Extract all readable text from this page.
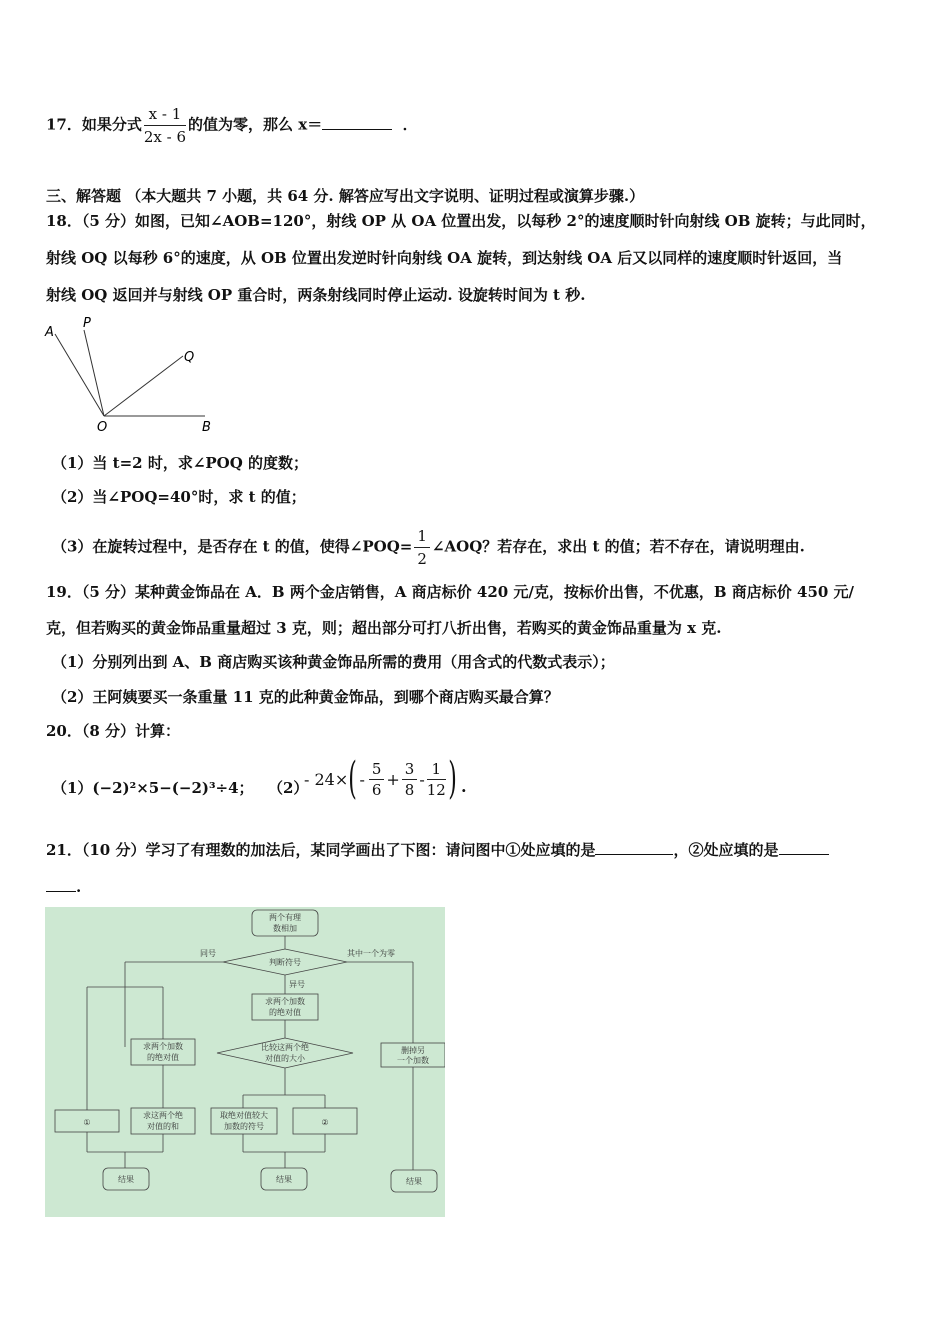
17．如果分式 $\frac{x - 1}{2x - 6}$ 的值为零，那么 x＝	．
三、解答题 （本大题共 7 小题，共 64 分. 解答应写出文字说明、证明过程或演算步骤.）
18．（5 分）如图，已知∠AOB=120°，射线 OP 从 OA 位置出发，以每秒 2°的速度顺时针向射线 OB 旋转；与此同时，
射线 OQ 以每秒 6°的速度，从 OB 位置出发逆时针向射线 OA 旋转，到达射线 OA 后又以同样的速度顺时针返回，当
射线 OQ 返回并与射线 OP 重合时，两条射线同时停止运动. 设旋转时间为 t 秒.
A
P
Q
O	B
（1）当 t=2 时，求∠POQ 的度数；
（2）当∠POQ=40°时，求 t 的值；
（3）在旋转过程中，是否存在 t 的值，使得∠POQ= $\frac{1}{2}$ ∠AOQ？若存在，求出 t 的值；若不存在，请说明理由.
19．（5 分）某种黄金饰品在 A．B 两个金店销售，A 商店标价 420 元/克，按标价出售，不优惠，B 商店标价 450 元/
克，但若购买的黄金饰品重量超过 3 克，则；超出部分可打八折出售，若购买的黄金饰品重量为 x 克.
（1）分别列出到 A、B 商店购买该种黄金饰品所需的费用（用含式的代数式表示）；
（2）王阿姨要买一条重量 11 克的此种黄金饰品，到哪个商店购买最合算？
20．（8 分）计算：
（1）(−2)²×5−(−2)³÷4； （2）
- 24× ( - $\frac{5}{6} + \frac{3}{8} - \frac{1}{12}$ ) .
21．（10 分）学习了有理数的加法后，某同学画出了下图：请问图中①处应填的是	，②处应填的是
.
两个有理
数相加
判断符号
同号	其中一个为零
异号
求两个加数
的绝对值
求两个加数
的绝对值
比较这两个绝
对值的大小
删掉另
一个加数
①
求这两个绝
对值的和
取绝对值较大
加数的符号	②
结果	结果	结果
